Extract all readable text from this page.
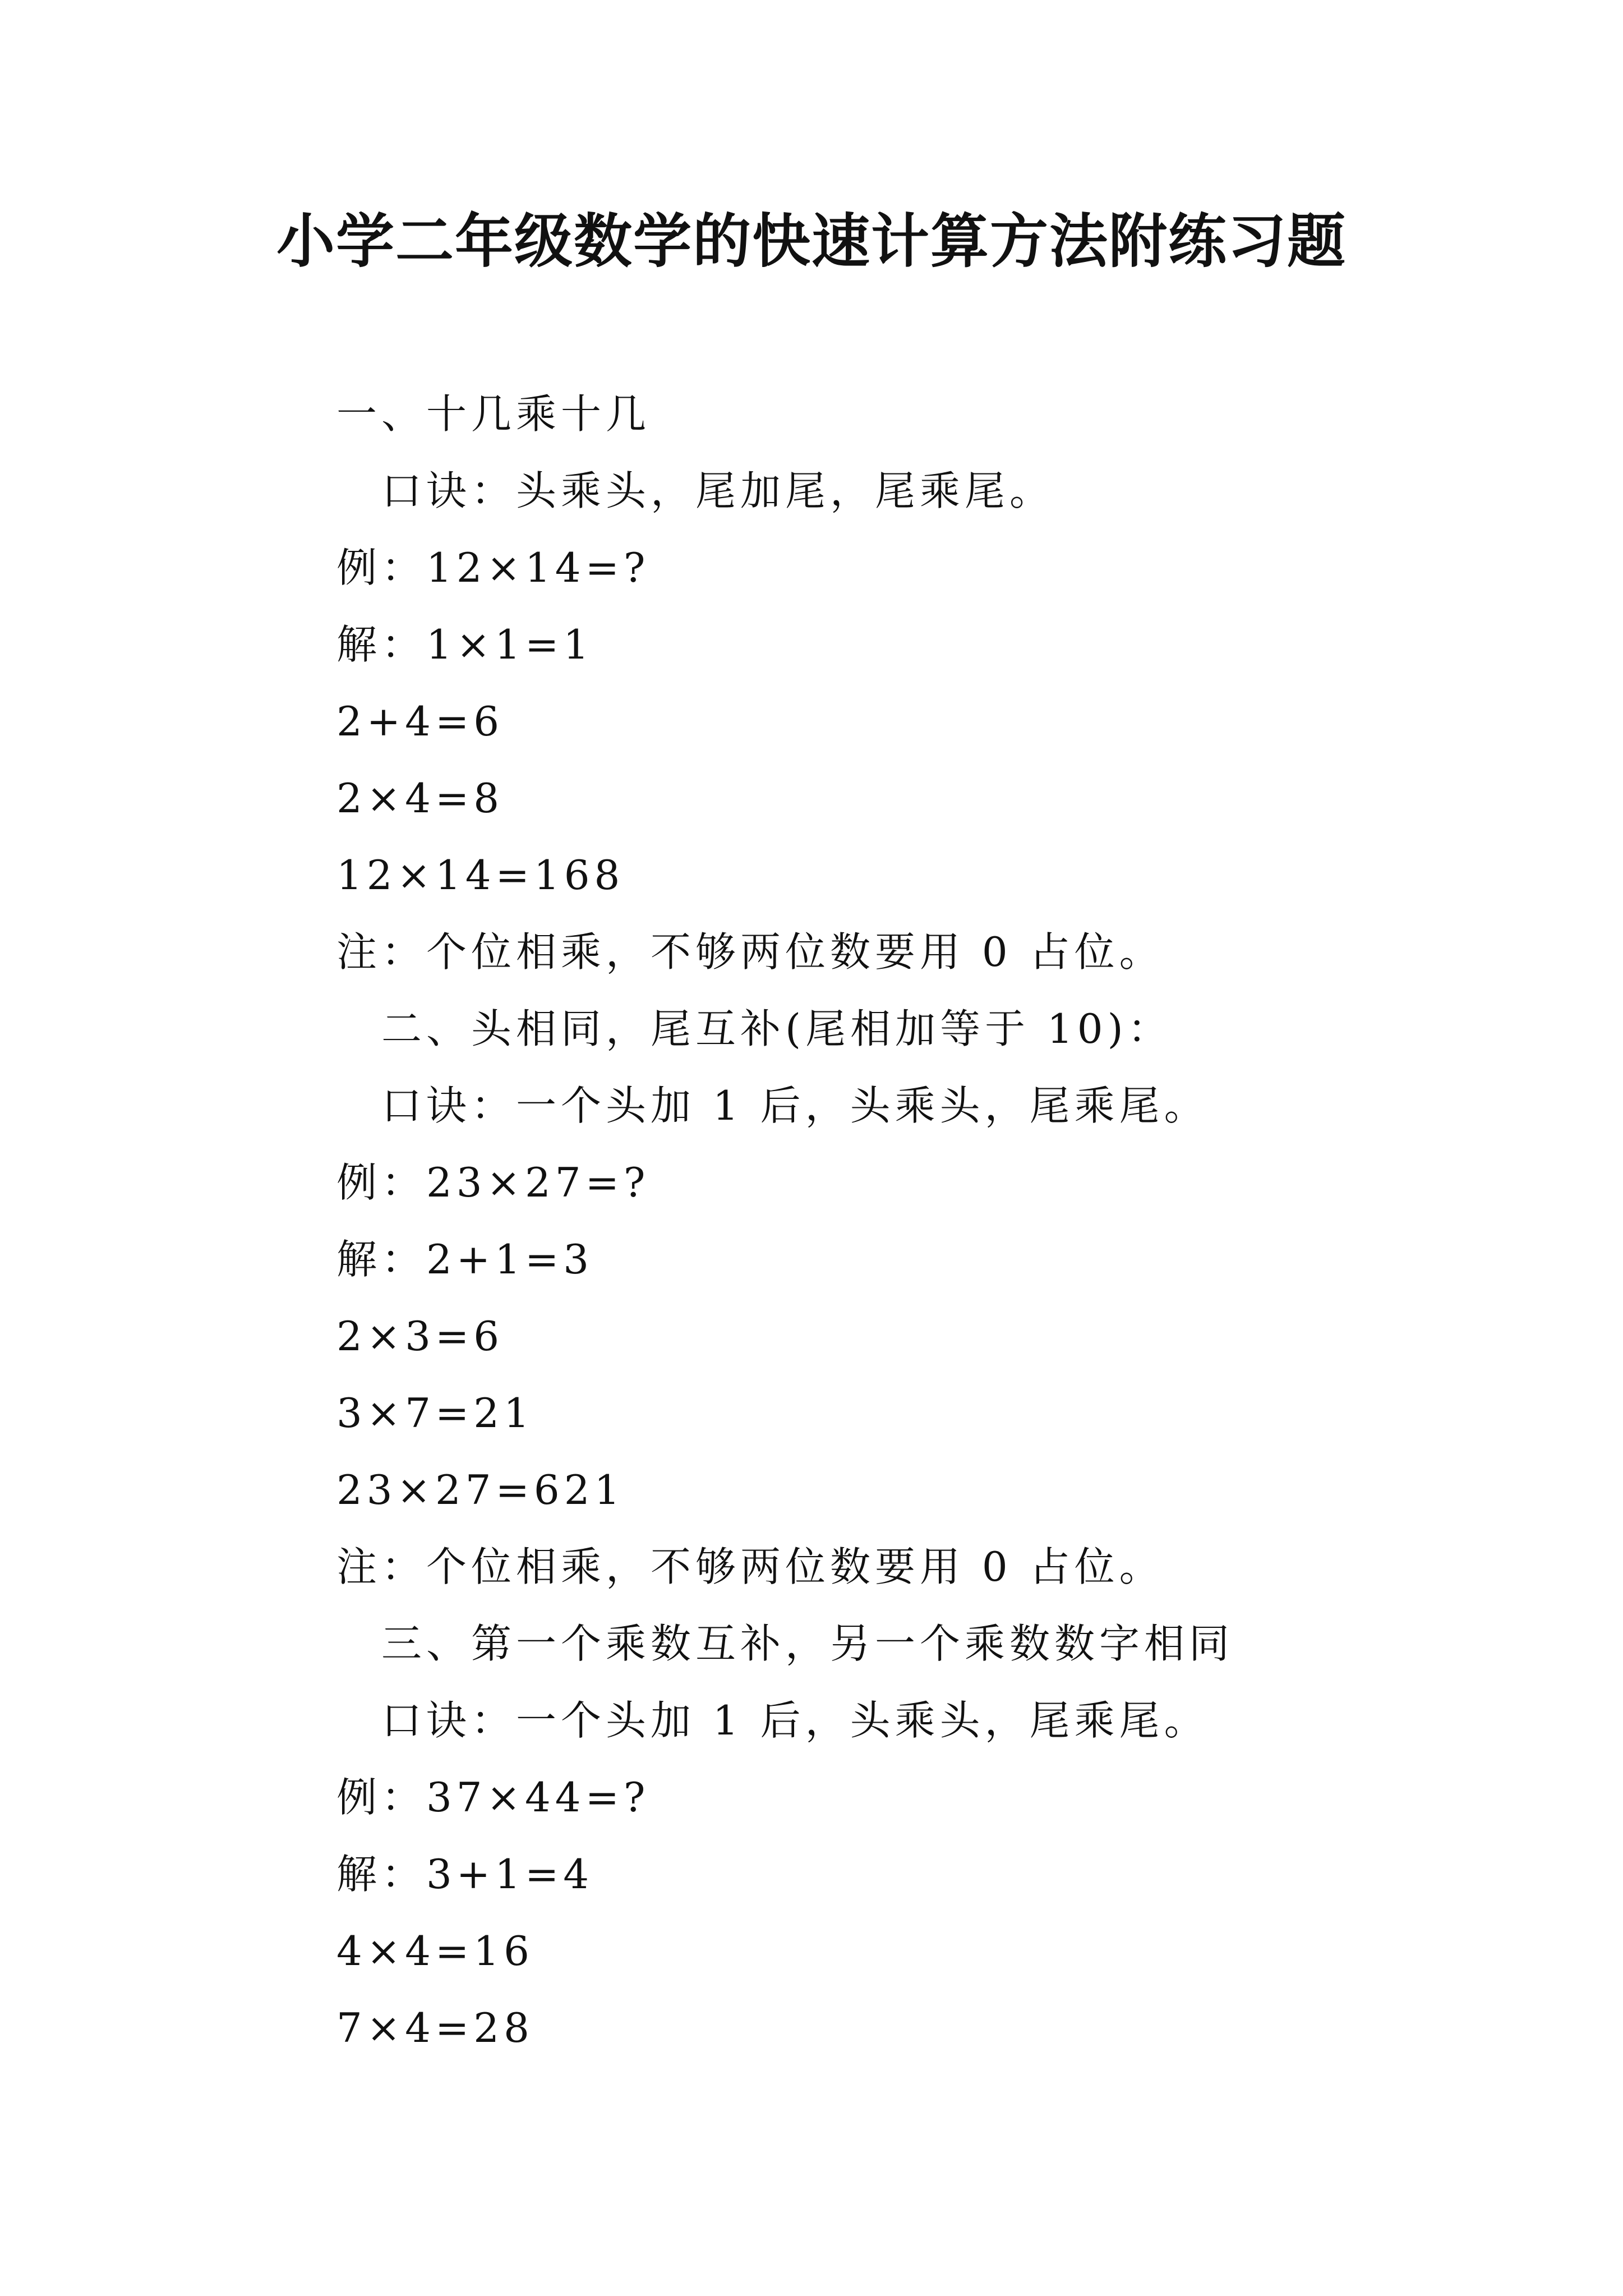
小学二年级数学的快速计算方法附练习题
一、十几乘十几
口诀：头乘头，尾加尾，尾乘尾。
例：12×14=?
解：1×1=1
2+4=6
2×4=8
12×14=168
注：个位相乘，不够两位数要用 0 占位。
二、头相同，尾互补(尾相加等于 10)：
口诀：一个头加 1 后，头乘头，尾乘尾。
例：23×27=?
解：2+1=3
2×3=6
3×7=21
23×27=621
注：个位相乘，不够两位数要用 0 占位。
三、第一个乘数互补，另一个乘数数字相同
口诀：一个头加 1 后，头乘头，尾乘尾。
例：37×44=?
解：3+1=4
4×4=16
7×4=28
